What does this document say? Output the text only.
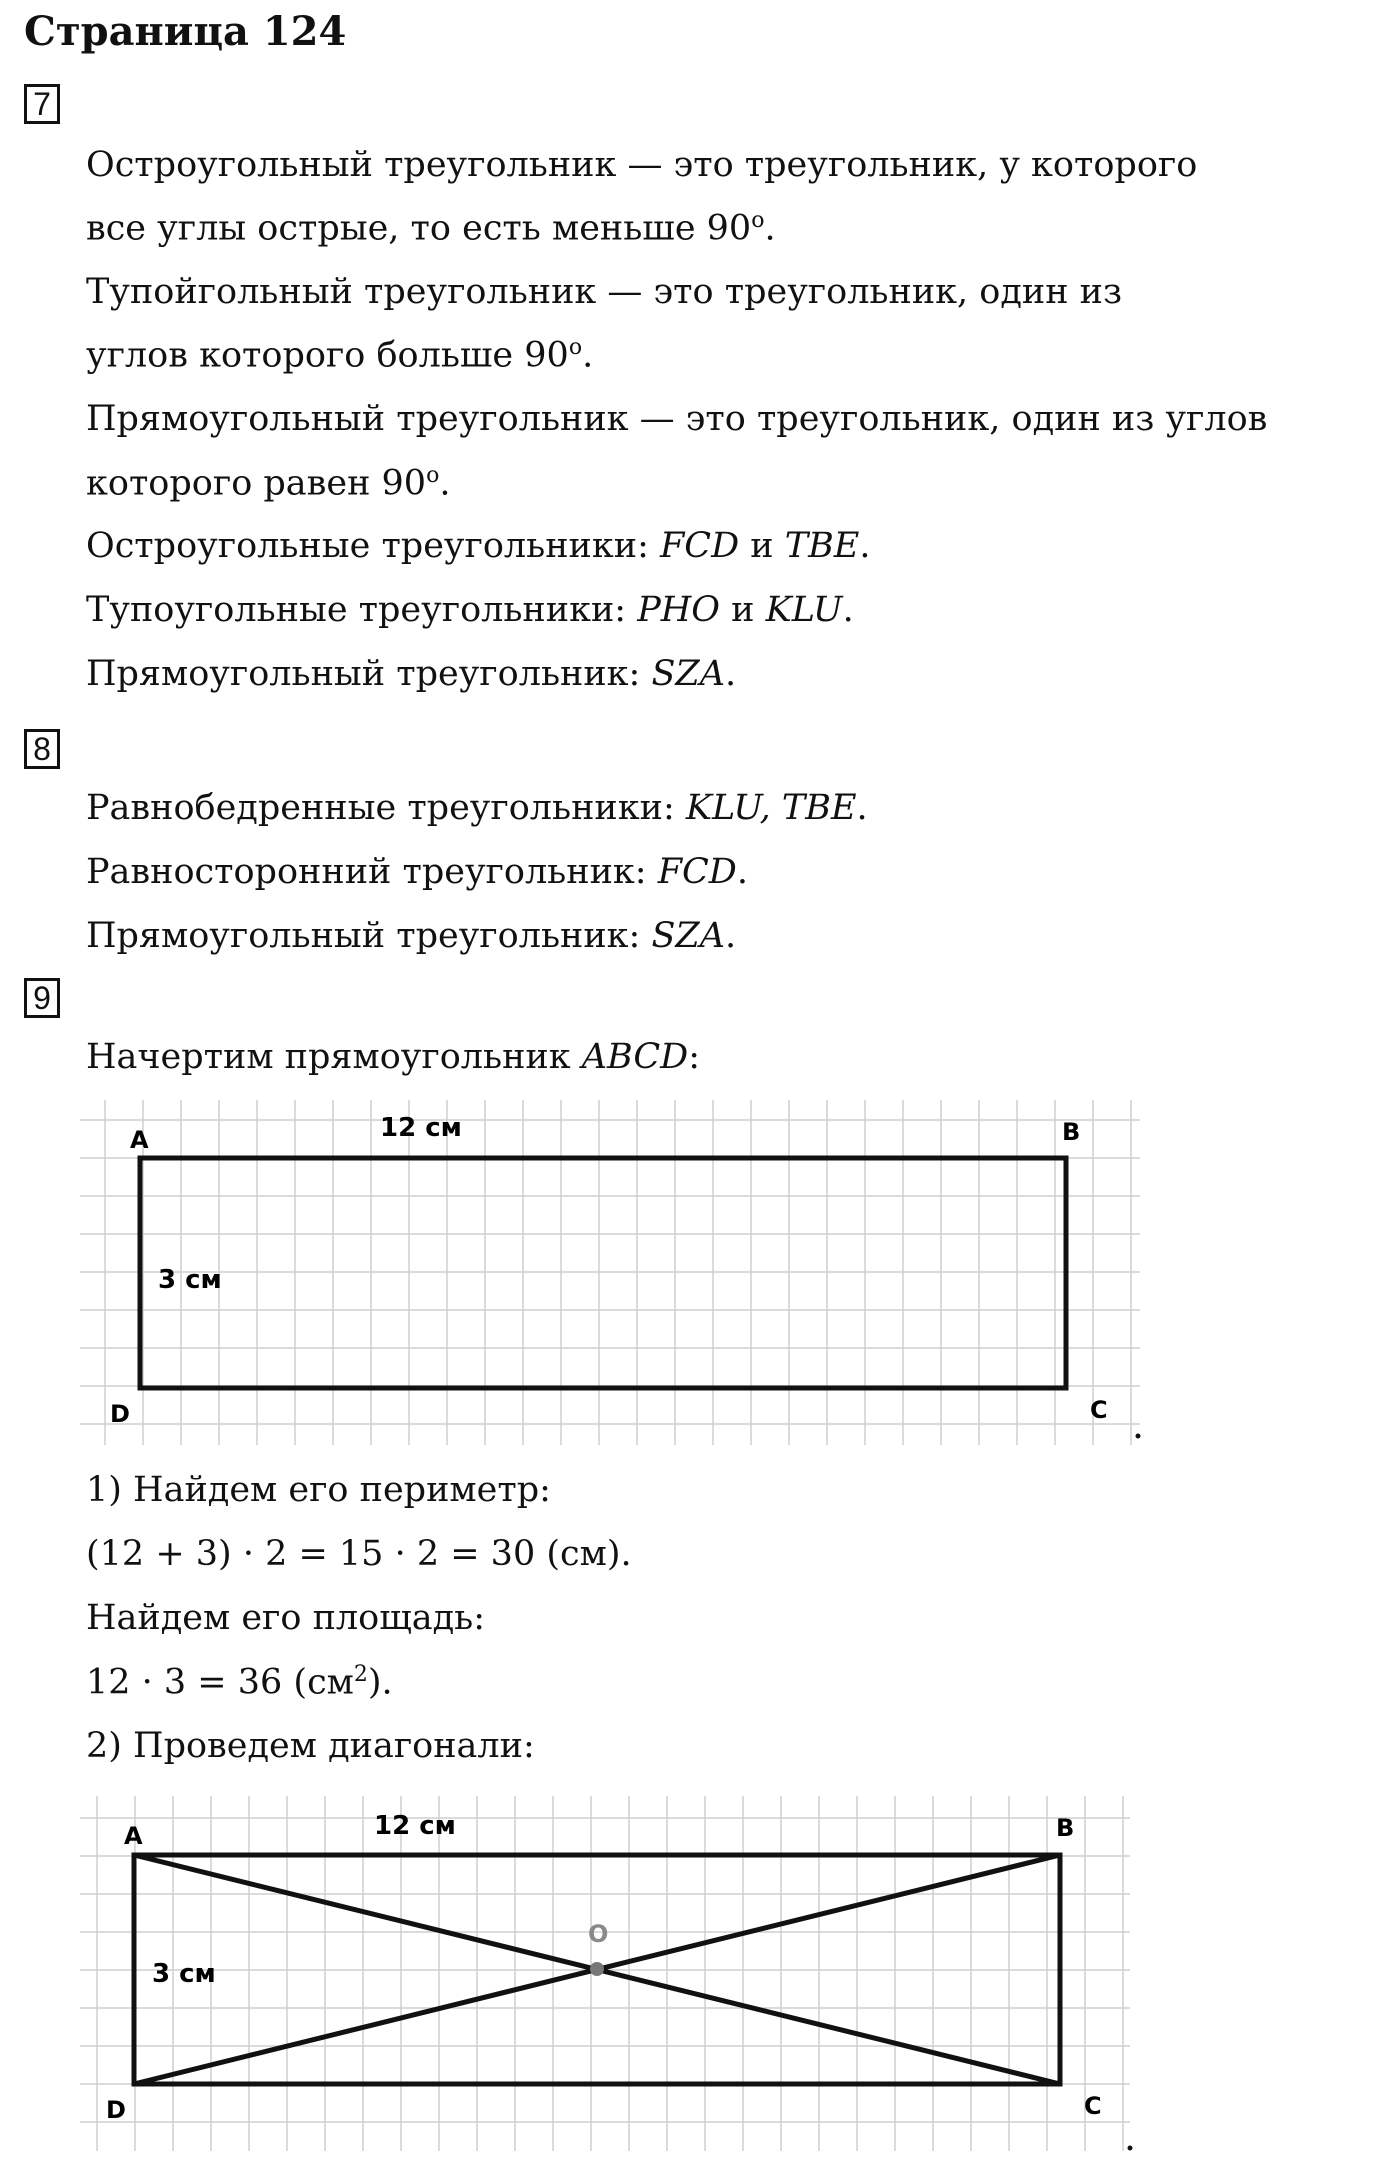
Страница 124
7
Остроугольный треугольник — это треугольник, у которого
все углы острые, то есть меньше 90$^o$.
Тупойгольный треугольник — это треугольник, один из
углов которого больше 90$^o$.
Прямоугольный треугольник — это треугольник, один из углов
которого равен 90$^o$.
Остроугольные треугольники: FCD и TBE.
Тупоугольные треугольники: PHO и KLU.
Прямоугольный треугольник: SZA.
8
Равнобедренные треугольники: KLU, TBE.
Равносторонний треугольник: FCD.
Прямоугольный треугольник: SZA.
9
Начертим прямоугольник ABCD:
A	B
C
D
12 см
3 см
1) Найдем его периметр:
(12 + 3) · 2 = 15 · 2 = 30 (см).
Найдем его площадь:
12 · 3 = 36 $(см^2)$.
2) Проведем диагонали:
O
A	B
C
D
12 см
3 см
